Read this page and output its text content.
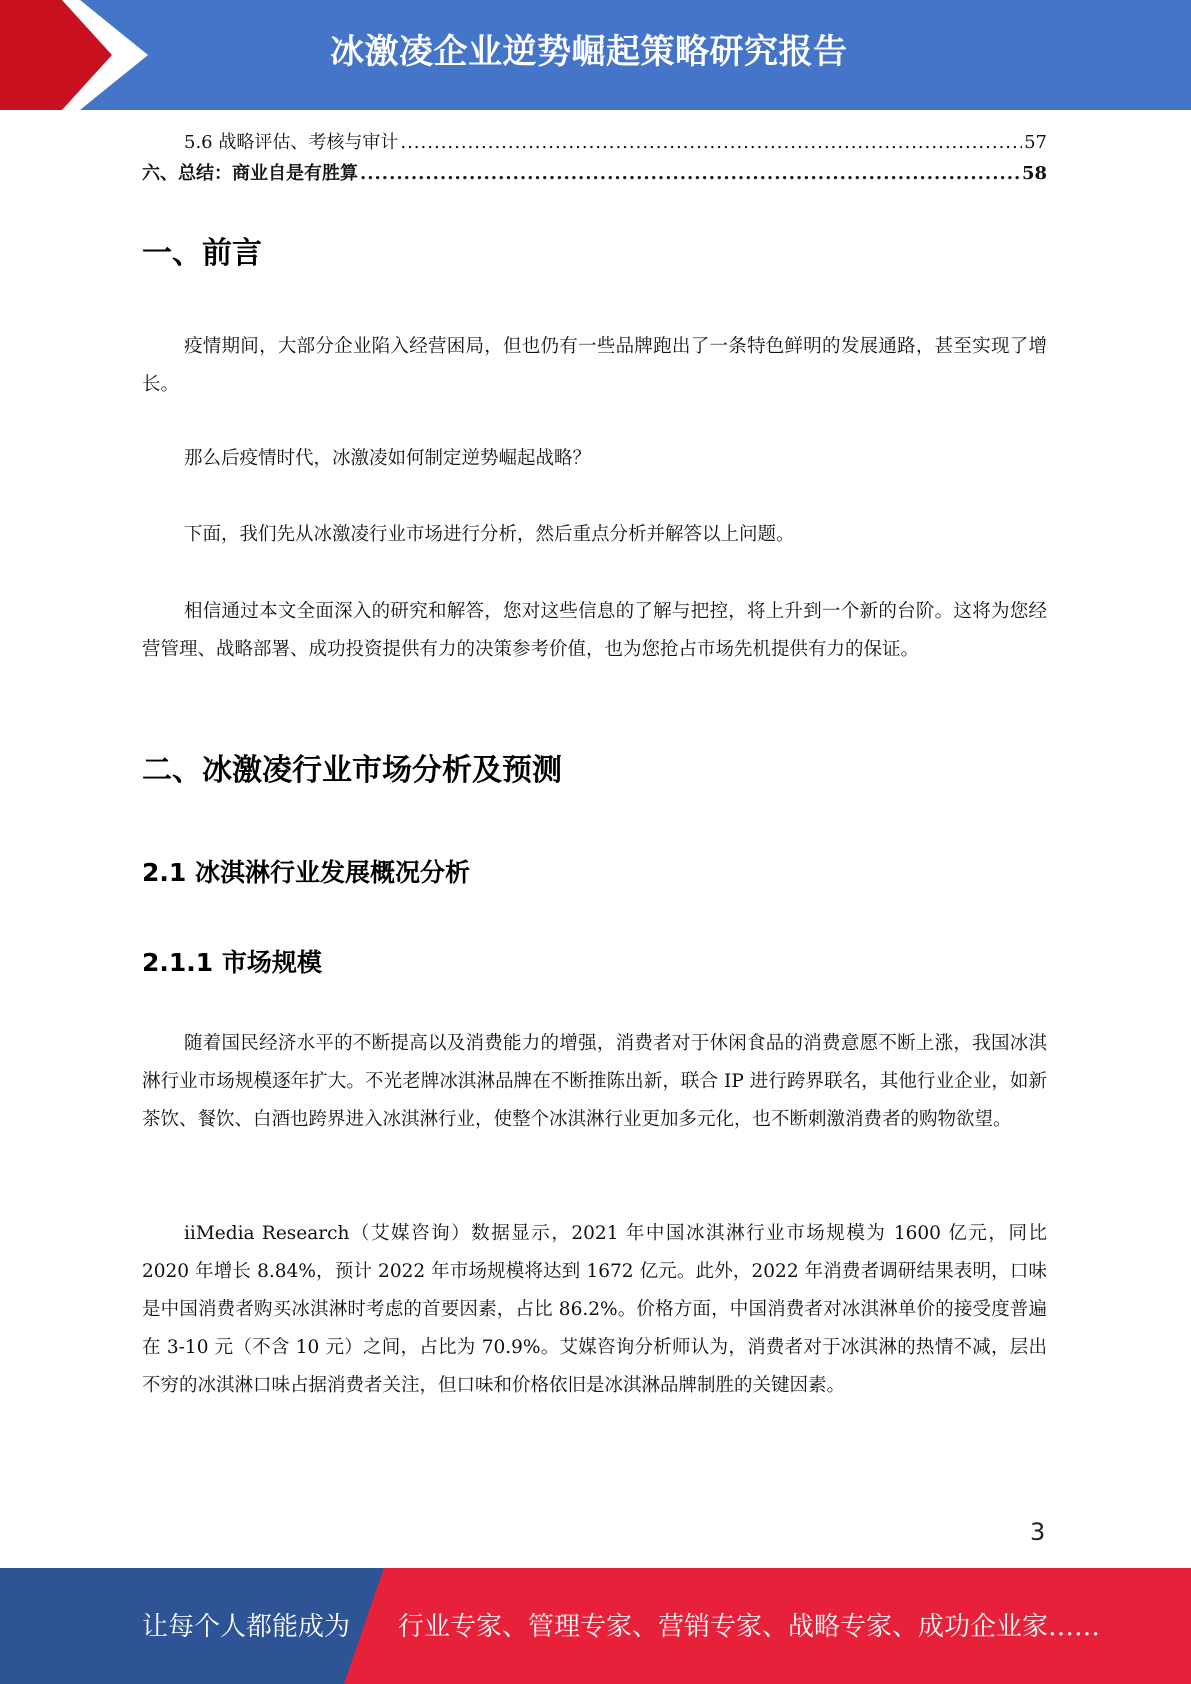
冰激凌企业逆势崛起策略研究报告
5.6 战略评估、考核与审计 .....	57
六、总结：商业自是有胜算 .....	58
一、前言

疫情期间，大部分企业陷入经营困局，但也仍有一些品牌跑出了一条特色鲜明的发展通路，甚至实现了增长。

那么后疫情时代，冰激凌如何制定逆势崛起战略？

下面，我们先从冰激凌行业市场进行分析，然后重点分析并解答以上问题。

相信通过本文全面深入的研究和解答，您对这些信息的了解与把控，将上升到一个新的台阶。这将为您经营管理、战略部署、成功投资提供有力的决策参考价值，也为您抢占市场先机提供有力的保证。

二、冰激凌行业市场分析及预测
2.1 冰淇淋行业发展概况分析
2.1.1 市场规模

随着国民经济水平的不断提高以及消费能力的增强，消费者对于休闲食品的消费意愿不断上涨，我国冰淇淋行业市场规模逐年扩大。不光老牌冰淇淋品牌在不断推陈出新，联合 IP 进行跨界联名，其他行业企业，如新茶饮、餐饮、白酒也跨界进入冰淇淋行业，使整个冰淇淋行业更加多元化，也不断刺激消费者的购物欲望。

iiMedia Research（艾媒咨询）数据显示，2021 年中国冰淇淋行业市场规模为 1600 亿元，同比 2020 年增长 8.84%，预计 2022 年市场规模将达到 1672 亿元。此外，2022 年消费者调研结果表明，口味是中国消费者购买冰淇淋时考虑的首要因素，占比 86.2%。价格方面，中国消费者对冰淇淋单价的接受度普遍在 3-10 元（不含 10 元）之间，占比为 70.9%。艾媒咨询分析师认为，消费者对于冰淇淋的热情不减，层出不穷的冰淇淋口味占据消费者关注，但口味和价格依旧是冰淇淋品牌制胜的关键因素。

3
让每个人都能成为 行业专家、管理专家、营销专家、战略专家、成功企业家……
